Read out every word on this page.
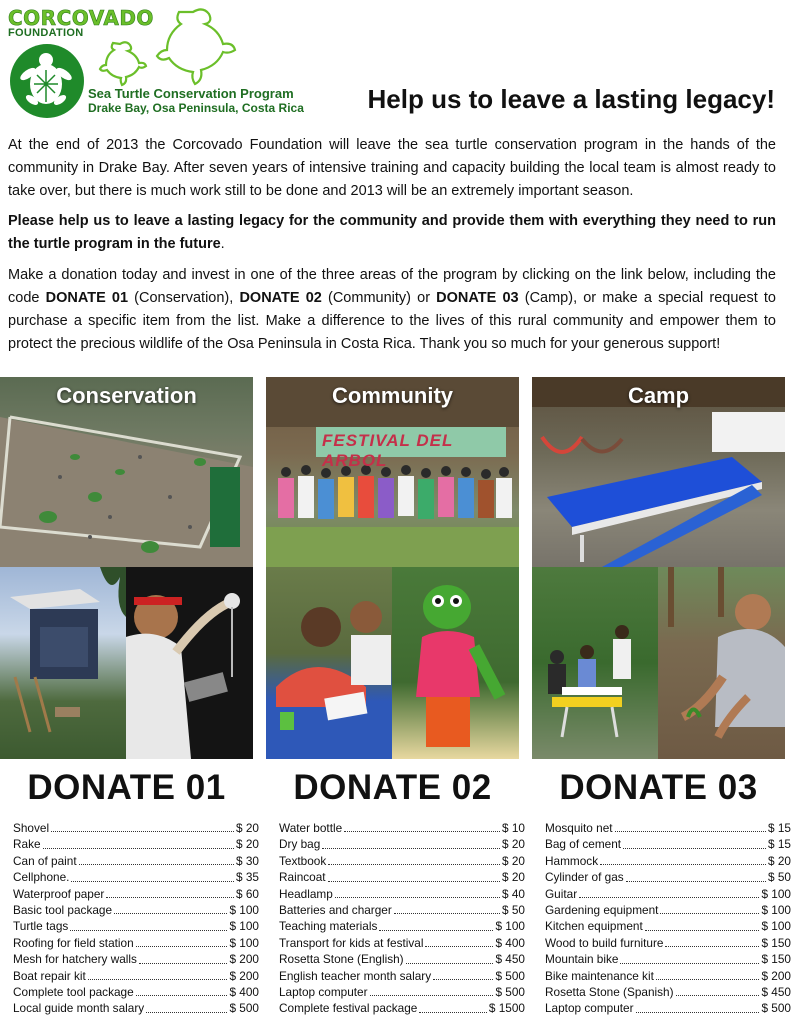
CORCOVADO
FOUNDATION
Sea Turtle Conservation Program
Drake Bay, Osa Peninsula, Costa Rica Help us to leave a lasting legacy!
At the end of 2013 the Corcovado Foundation will leave the sea turtle conservation program in the hands of the community in Drake Bay. After seven years of intensive training and capacity building the local team is almost ready to take over, but there is much work still to be done and 2013 will be an extremely important season.
Please help us to leave a lasting legacy for the community and provide them with everything they need to run the turtle program in the future.
Make a donation today and invest in one of the three areas of the program by clicking on the link below, including the code DONATE 01 (Conservation), DONATE 02 (Community) or DONATE 03 (Camp), or make a special request to purchase a specific item from the list. Make a difference to the lives of this rural community and empower them to protect the precious wildlife of the Osa Peninsula in Costa Rica. Thank you so much for your generous support!
Conservation	Community
FESTIVAL DEL ARBOL
Camp
DONATE 01	DONATE 02	DONATE 03
Shovel	$ 20
Rake	$ 20
Can of paint	$ 30
Cellphone.	$ 35
Waterproof paper	$ 60
Basic tool package	$ 100
Turtle tags	$ 100
Roofing for field station	$ 100
Mesh for hatchery walls	$ 200
Boat repair kit	$ 200
Complete tool package	$ 400
Local guide month salary	$ 500
Water bottle	$ 10
Dry bag	$ 20
Textbook	$ 20
Raincoat	$ 20
Headlamp	$ 40
Batteries and charger	$ 50
Teaching materials	$ 100
Transport for kids at festival	$ 400
Rosetta Stone (English)	$ 450
English teacher month salary	$ 500
Laptop computer	$ 500
Complete festival package	$ 1500
Mosquito net	$ 15
Bag of cement	$ 15
Hammock	$ 20
Cylinder of gas	$ 50
Guitar	$ 100
Gardening equipment	$ 100
Kitchen equipment	$ 100
Wood to build furniture	$ 150
Mountain bike	$ 150
Bike maintenance kit	$ 200
Rosetta Stone (Spanish)	$ 450
Laptop computer	$ 500
